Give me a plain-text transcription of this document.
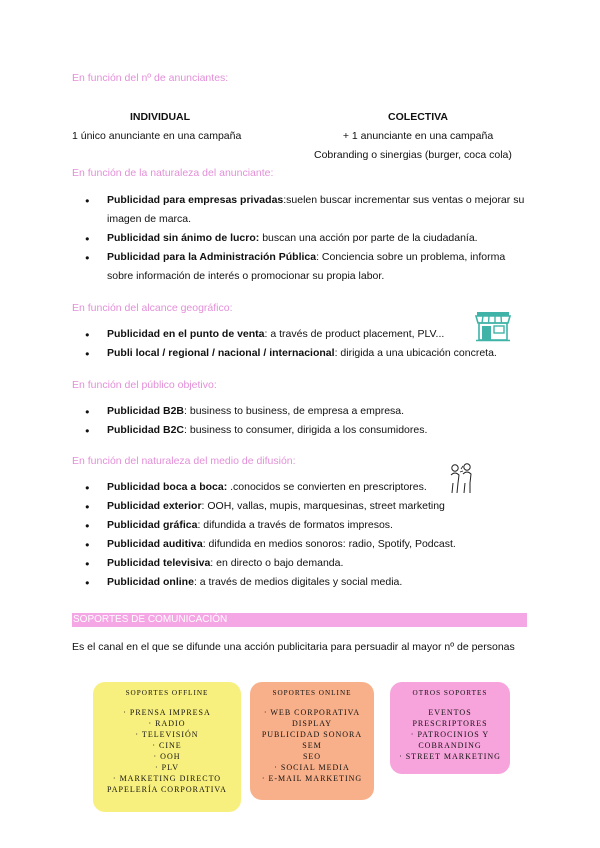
En función del nº de anunciantes:
INDIVIDUAL
1 único anunciante en una campaña
COLECTIVA
+ 1 anunciante en una campaña
Cobranding o sinergias (burger, coca cola)
En función de la naturaleza del anunciante:
● Publicidad para empresas privadas:suelen buscar incrementar sus ventas o mejorar su imagen de marca.
● Publicidad sin ánimo de lucro: buscan una acción por parte de la ciudadanía.
● Publicidad para la Administración Pública: Conciencia sobre un problema, informa sobre información de interés o promocionar su propia labor.
En función del alcance geográfico:
● Publicidad en el punto de venta: a través de product placement, PLV...
● Publi local / regional / nacional / internacional: dirigida a una ubicación concreta.
En función del público objetivo:
● Publicidad B2B: business to business, de empresa a empresa.
● Publicidad B2C: business to consumer, dirigida a los consumidores.
En función del naturaleza del medio de difusión:
● Publicidad boca a boca: .conocidos se convierten en prescriptores.
● Publicidad exterior: OOH, vallas, mupis, marquesinas, street marketing
● Publicidad gráfica: difundida a través de formatos impresos.
● Publicidad auditiva: difundida en medios sonoros: radio, Spotify, Podcast.
● Publicidad televisiva: en directo o bajo demanda.
● Publicidad online: a través de medios digitales y social media.
SOPORTES DE COMUNICACIÓN
Es el canal en el que se difunde una acción publicitaria para persuadir al mayor nº de personas
SOPORTES OFFLINE
· PRENSA IMPRESA
· RADIO
· TELEVISIÓN
· CINE
· OOH
· PLV
· MARKETING DIRECTO
PAPELERÍA CORPORATIVA
SOPORTES ONLINE
· WEB CORPORATIVA
DISPLAY
PUBLICIDAD SONORA
SEM
SEO
· SOCIAL MEDIA
· E-MAIL MARKETING
OTROS SOPORTES
EVENTOS
PRESCRIPTORES
· PATROCINIOS Y
COBRANDING
· STREET MARKETING
